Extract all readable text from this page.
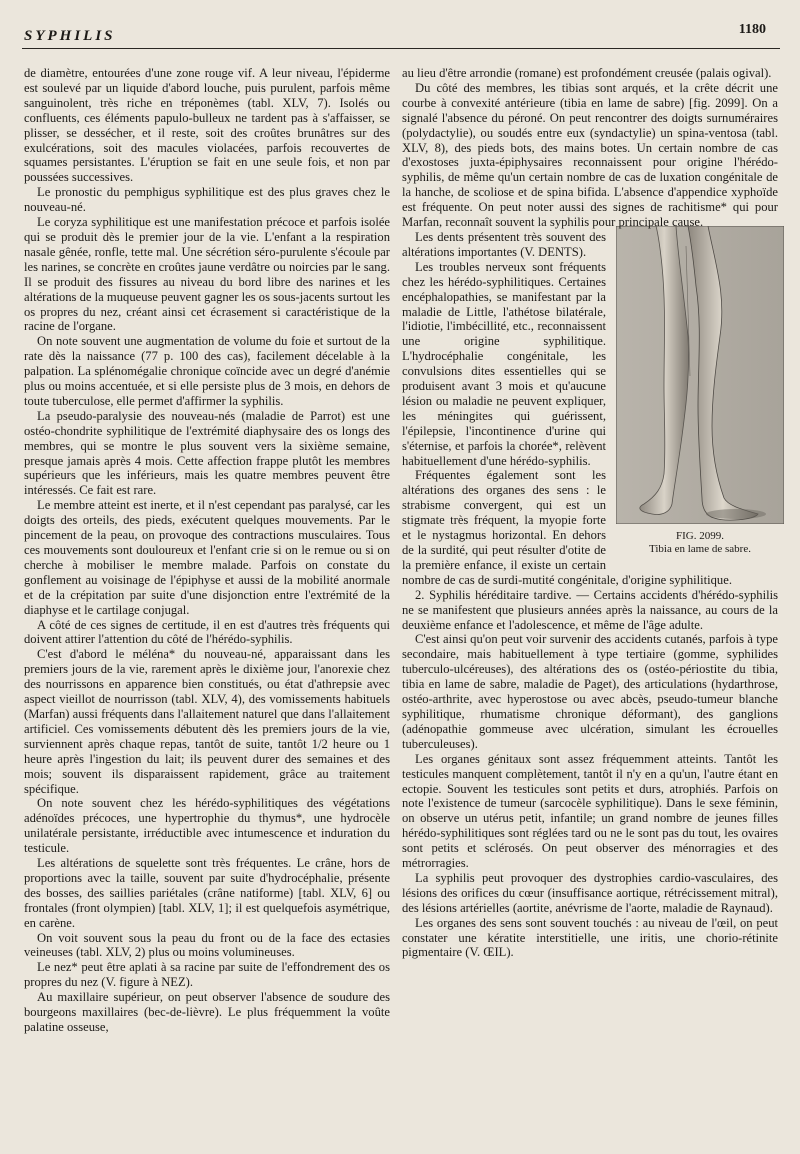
SYPHILIS	1180

de diamètre, entourées d'une zone rouge vif. A leur niveau, l'épiderme est soulevé par un liquide d'abord louche, puis purulent, parfois même sanguinolent, très riche en tréponèmes (tabl. XLV, 7). Isolés ou confluents, ces éléments papulo-bulleux ne tardent pas à s'affaisser, se plisser, se dessécher, et il reste, soit des croûtes brunâtres sur des exulcérations, soit des macules violacées, parfois recouvertes de squames persistantes. L'éruption se fait en une seule fois, et non par poussées successives.

Le pronostic du pemphigus syphilitique est des plus graves chez le nouveau-né.

Le coryza syphilitique est une manifestation précoce et parfois isolée qui se produit dès le premier jour de la vie. L'enfant a la respiration nasale gênée, ronfle, tette mal. Une sécrétion séro-purulente s'écoule par les narines, se concrète en croûtes jaune verdâtre ou noircies par le sang. Il se produit des fissures au niveau du bord libre des narines et les altérations de la muqueuse peuvent gagner les os sous-jacents surtout les os propres du nez, créant ainsi cet écrasement si caractéristique de la racine de l'organe.

On note souvent une augmentation de volume du foie et surtout de la rate dès la naissance (77 p. 100 des cas), facilement décelable à la palpation. La splénomégalie chronique coïncide avec un degré d'anémie plus ou moins accentuée, et si elle persiste plus de 3 mois, en dehors de toute tuberculose, elle permet d'affirmer la syphilis.

La pseudo-paralysie des nouveau-nés (maladie de Parrot) est une ostéo-chondrite syphilitique de l'extrémité diaphysaire des os longs des membres, qui se montre le plus souvent vers la sixième semaine, presque jamais après 4 mois. Cette affection frappe plutôt les membres supérieurs que les inférieurs, mais les quatre membres peuvent être intéressés. Ce fait est rare.

Le membre atteint est inerte, et il n'est cependant pas paralysé, car les doigts des orteils, des pieds, exécutent quelques mouvements. Par le pincement de la peau, on provoque des contractions musculaires. Tous ces mouvements sont douloureux et l'enfant crie si on le remue ou si on cherche à mobiliser le membre malade. Parfois on constate du gonflement au voisinage de l'épiphyse et aussi de la mobilité anormale et de la crépitation par suite d'une disjonction entre l'extrémité de la diaphyse et le cartilage conjugal.

A côté de ces signes de certitude, il en est d'autres très fréquents qui doivent attirer l'attention du côté de l'hérédo-syphilis.

C'est d'abord le méléna* du nouveau-né, apparaissant dans les premiers jours de la vie, rarement après le dixième jour, l'anorexie chez des nourrissons en apparence bien constitués, ou état d'athrepsie avec aspect vieillot de nourrisson (tabl. XLV, 4), des vomissements habituels (Marfan) aussi fréquents dans l'allaitement naturel que dans l'allaitement artificiel. Ces vomissements débutent dès les premiers jours de la vie, surviennent après chaque repas, tantôt de suite, tantôt 1/2 heure ou 1 heure après l'ingestion du lait; ils peuvent durer des semaines et des mois; souvent ils disparaissent rapidement, grâce au traitement spécifique.

On note souvent chez les hérédo-syphilitiques des végétations adénoïdes précoces, une hypertrophie du thymus*, une hydrocèle unilatérale persistante, irréductible avec intumescence et induration du testicule.

Les altérations de squelette sont très fréquentes. Le crâne, hors de proportions avec la taille, souvent par suite d'hydrocéphalie, présente des bosses, des saillies pariétales (crâne natiforme) [tabl. XLV, 6] ou frontales (front olympien) [tabl. XLV, 1]; il est quelquefois asymétrique, en carène.

On voit souvent sous la peau du front ou de la face des ectasies veineuses (tabl. XLV, 2) plus ou moins volumineuses.

Le nez* peut être aplati à sa racine par suite de l'effondrement des os propres du nez (V. figure à NEZ).

Au maxillaire supérieur, on peut observer l'absence de soudure des bourgeons maxillaires (bec-de-lièvre). Le plus fréquemment la voûte palatine osseuse,

au lieu d'être arrondie (romane) est profondément creusée (palais ogival).

Du côté des membres, les tibias sont arqués, et la crête décrit une courbe à convexité antérieure (tibia en lame de sabre) [fig. 2099]. On a signalé l'absence du péroné. On peut rencontrer des doigts surnuméraires (polydactylie), ou soudés entre eux (syndactylie) un spina-ventosa (tabl. XLV, 8), des pieds bots, des mains botes. Un certain nombre de cas d'exostoses juxta-épiphysaires reconnaissent pour origine l'hérédo-syphilis, de même qu'un certain nombre de cas de luxation congénitale de la hanche, de scoliose et de spina bifida. L'absence d'appendice xyphoïde est fréquente. On peut noter aussi des signes de rachitisme* qui pour Marfan, reconnaît souvent la syphilis pour principale cause.

FIG. 2099.
Tibia en lame de sabre.

Les dents présentent très souvent des altérations importantes (V. DENTS).

Les troubles nerveux sont fréquents chez les hérédo-syphilitiques. Certaines encéphalopathies, se manifestant par la maladie de Little, l'athétose bilatérale, l'idiotie, l'imbécillité, etc., reconnaissent une origine syphilitique. L'hydrocéphalie congénitale, les convulsions dites essentielles qui se produisent avant 3 mois et qu'aucune lésion ou maladie ne peuvent expliquer, les méningites qui guérissent, l'épilepsie, l'incontinence d'urine qui s'éternise, et parfois la chorée*, relèvent habituellement d'une hérédo-syphilis.

Fréquentes également sont les altérations des organes des sens : le strabisme convergent, qui est un stigmate très fréquent, la myopie forte et le nystagmus horizontal. En dehors de la surdité, qui peut résulter d'otite de la première enfance, il existe un certain nombre de cas de surdi-mutité congénitale, d'origine syphilitique.

2. Syphilis héréditaire tardive. — Certains accidents d'hérédo-syphilis ne se manifestent que plusieurs années après la naissance, au cours de la deuxième enfance et l'adolescence, et même de l'âge adulte.

C'est ainsi qu'on peut voir survenir des accidents cutanés, parfois à type secondaire, mais habituellement à type tertiaire (gomme, syphilides tuberculo-ulcéreuses), des altérations des os (ostéo-périostite du tibia, tibia en lame de sabre, maladie de Paget), des articulations (hydarthrose, ostéo-arthrite, avec hyperostose ou avec abcès, pseudo-tumeur blanche syphilitique, rhumatisme chronique déformant), des ganglions (adénopathie gommeuse avec ulcération, simulant les écrouelles tuberculeuses).

Les organes génitaux sont assez fréquemment atteints. Tantôt les testicules manquent complètement, tantôt il n'y en a qu'un, l'autre étant en ectopie. Souvent les testicules sont petits et durs, atrophiés. Parfois on note l'existence de tumeur (sarcocèle syphilitique). Dans le sexe féminin, on observe un utérus petit, infantile; un grand nombre de jeunes filles hérédo-syphilitiques sont réglées tard ou ne le sont pas du tout, les ovaires sont petits et sclérosés. On peut observer des ménorragies et des métrorragies.

La syphilis peut provoquer des dystrophies cardio-vasculaires, des lésions des orifices du cœur (insuffisance aortique, rétrécissement mitral), des lésions artérielles (aortite, anévrisme de l'aorte, maladie de Raynaud).

Les organes des sens sont souvent touchés : au niveau de l'œil, on peut constater une kératite interstitielle, une iritis, une chorio-rétinite pigmentaire (V. ŒIL).
